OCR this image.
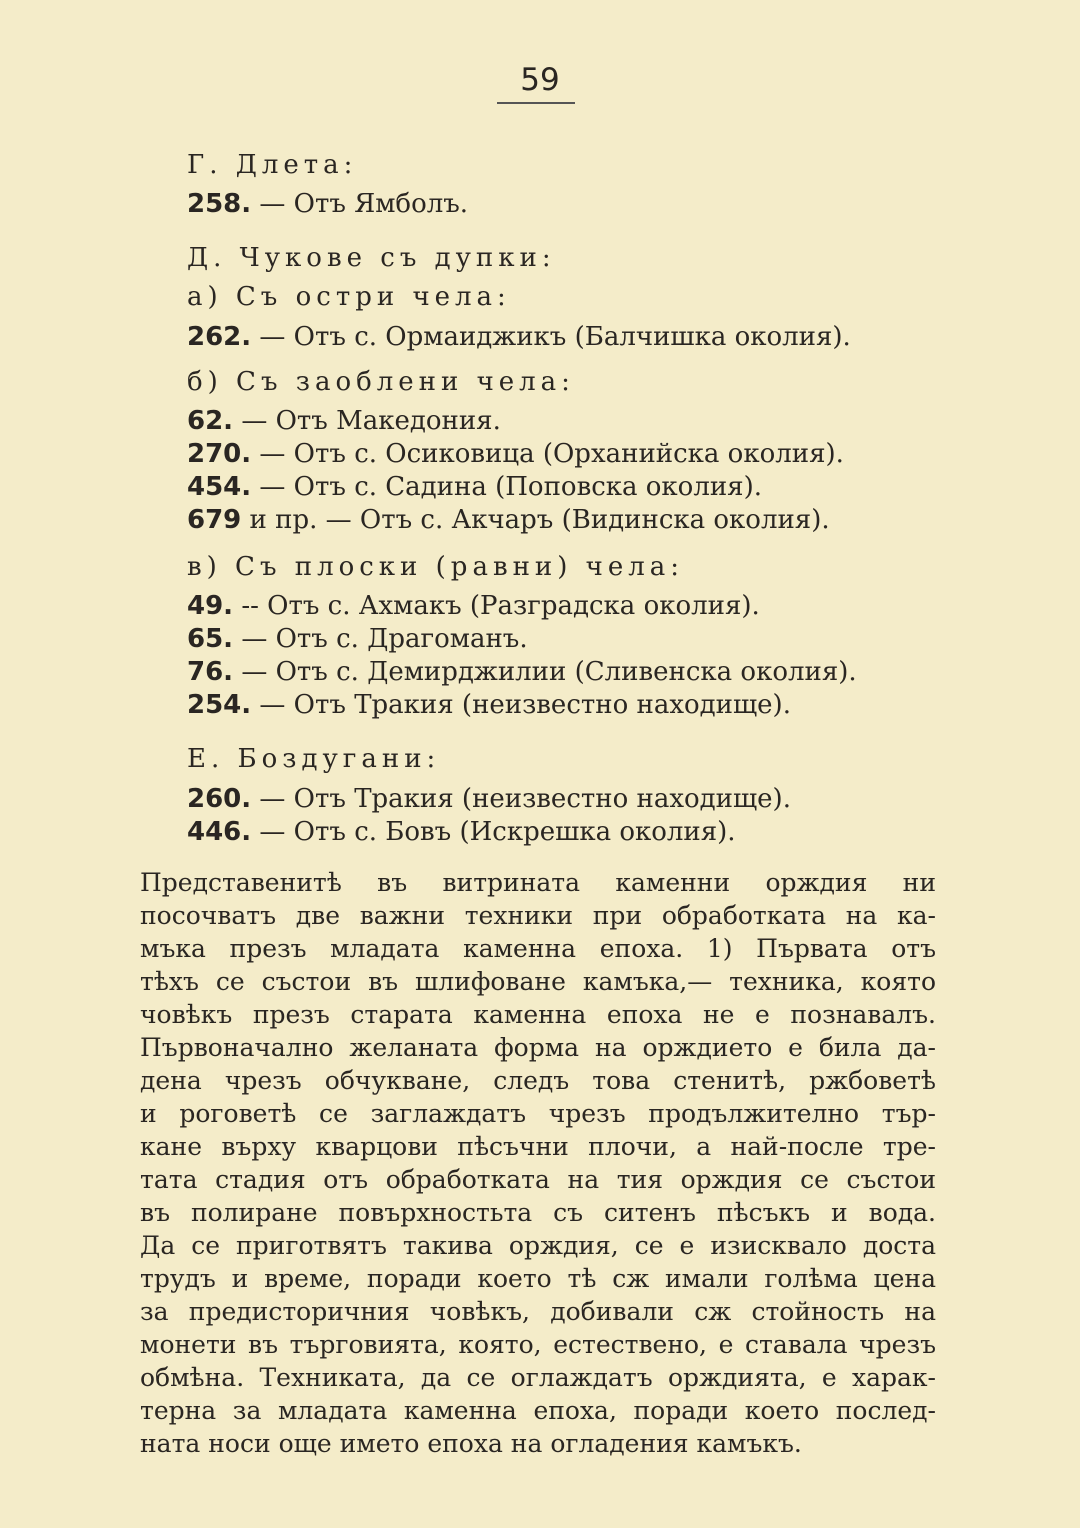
59
Г. Длета:
258. — Отъ Ямболъ.
Д. Чукове съ дупки:
а) Съ остри чела:
262. — Отъ с. Ормаиджикъ (Балчишка околия).
б) Съ заоблени чела:
62. — Отъ Македония.
270. — Отъ с. Осиковица (Орханийска околия).
454. — Отъ с. Садина (Поповска околия).
679 и пр. — Отъ с. Акчаръ (Видинска околия).
в) Съ плоски (равни) чела:
49. -- Отъ с. Ахмакъ (Разградска околия).
65. — Отъ с. Драгоманъ.
76. — Отъ с. Демирджилии (Сливенска околия).
254. — Отъ Тракия (неизвестно находище).
Е. Боздугани:
260. — Отъ Тракия (неизвестно находище).
446. — Отъ с. Бовъ (Искрешка околия).
Представенитѣ въ витрината каменни орждия ни
посочватъ две важни техники при обработката на ка-
мъка презъ младата каменна епоха. 1) Първата отъ
тѣхъ се състои въ шлифоване камъка,— техника, която
човѣкъ презъ старата каменна епоха не е познавалъ.
Първоначално желаната форма на орждието е била да-
дена чрезъ обчукване, следъ това стенитѣ, ржбоветѣ
и роговетѣ се заглаждатъ чрезъ продължително тър-
кане върху кварцови пѣсъчни плочи, а най-после тре-
тата стадия отъ обработката на тия орждия се състои
въ полиране повърхностьта съ ситенъ пѣсъкъ и вода.
Да се приготвятъ такива орждия, се е изисквало доста
трудъ и време, поради което тѣ сж имали голѣма цена
за предисторичния човѣкъ, добивали сж стойность на
монети въ търговията, която, естествено, е ставала чрезъ
обмѣна. Техниката, да се оглаждатъ орждията, е харак-
терна за младата каменна епоха, поради което послед-
ната носи още името епоха на огладения камъкъ.
